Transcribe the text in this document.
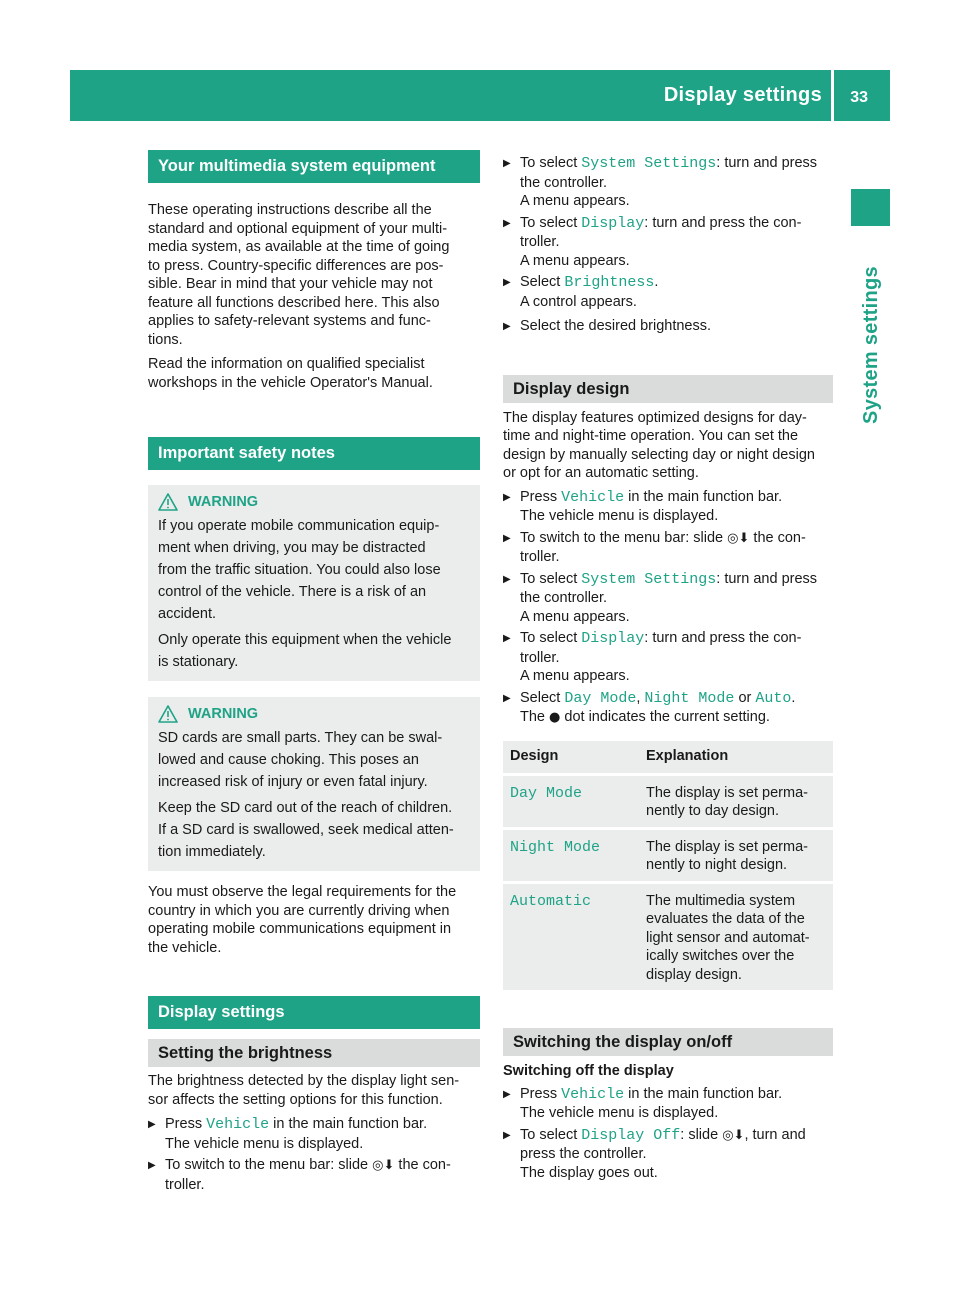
Display settings 33
System settings
Your multimedia system equipment

These operating instructions describe all the

standard and optional equipment of your multi-

media system, as available at the time of going

to press. Country-specific differences are pos-

sible. Bear in mind that your vehicle may not

feature all functions described here. This also

applies to safety-relevant systems and func-

tions.

Read the information on qualified specialist

workshops in the vehicle Operator's Manual.

Important safety notes
WARNING

If you operate mobile communication equip-

ment when driving, you may be distracted

from the traffic situation. You could also lose

control of the vehicle. There is a risk of an

accident.

Only operate this equipment when the vehicle

is stationary.

WARNING

SD cards are small parts. They can be swal-

lowed and cause choking. This poses an

increased risk of injury or even fatal injury.

Keep the SD card out of the reach of children.

If a SD card is swallowed, seek medical atten-

tion immediately.

You must observe the legal requirements for the

country in which you are currently driving when

operating mobile communications equipment in

the vehicle.

Display settings
Setting the brightness

The brightness detected by the display light sen-

sor affects the setting options for this function.

▶ Press Vehicle in the main function bar.

The vehicle menu is displayed.

▶ To switch to the menu bar: slide ◎⬇ the con-

troller.

▶ To select System Settings: turn and press

the controller.

A menu appears.

▶ To select Display: turn and press the con-

troller.

A menu appears.

▶ Select Brightness.

A control appears.

▶ Select the desired brightness.

Display design

The display features optimized designs for day-

time and night-time operation. You can set the

design by manually selecting day or night design

or opt for an automatic setting.

▶ Press Vehicle in the main function bar.

The vehicle menu is displayed.

▶ To switch to the menu bar: slide ◎⬇ the con-

troller.

▶ To select System Settings: turn and press

the controller.

A menu appears.

▶ To select Display: turn and press the con-

troller.

A menu appears.

▶ Select Day Mode, Night Mode or Auto.

The ● dot indicates the current setting.

Design	Explanation
Day Mode	The display is set perma-

nently to day design.

Night Mode	The display is set perma-

nently to night design.

Automatic	The multimedia system

evaluates the data of the

light sensor and automat-

ically switches over the

display design.

Switching the display on/off

Switching off the display

▶ Press Vehicle in the main function bar.

The vehicle menu is displayed.

▶ To select Display Off: slide ◎⬇, turn and

press the controller.

The display goes out.
